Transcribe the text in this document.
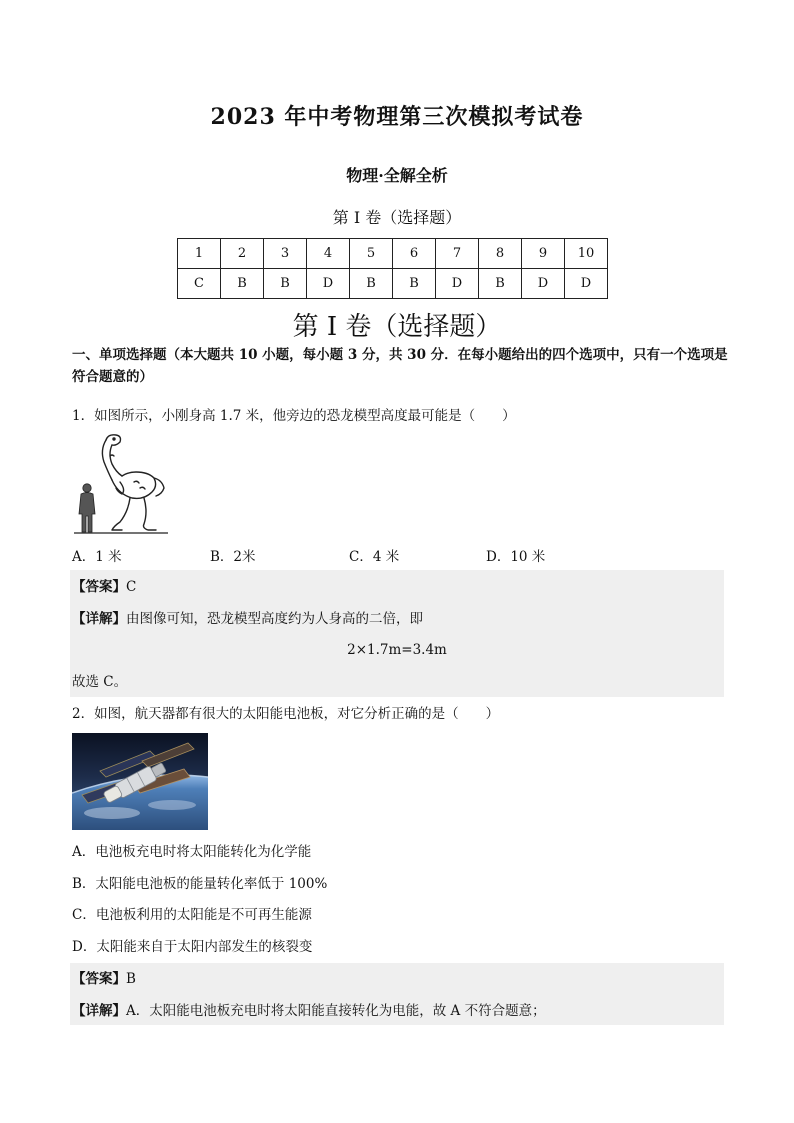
2023 年中考物理第三次模拟考试卷
物理·全解全析
第 I 卷（选择题）
1	2	3	4	5	6	7	8	9	10
C	B	B	D	B	B	D	B	D	D
第 I 卷（选择题）
一、单项选择题（本大题共 10 小题，每小题 3 分，共 30 分．在每小题给出的四个选项中，只有一个选项是符合题意的）
1．如图所示，小刚身高 1.7 米，他旁边的恐龙模型高度最可能是（　　）
A．1 米	B．2米	C．4 米	D．10 米
【答案】C
【详解】由图像可知，恐龙模型高度约为人身高的二倍，即
2×1.7m=3.4m
故选 C。
2．如图，航天器都有很大的太阳能电池板，对它分析正确的是（　　）
A．电池板充电时将太阳能转化为化学能
B．太阳能电池板的能量转化率低于 100%
C．电池板利用的太阳能是不可再生能源
D．太阳能来自于太阳内部发生的核裂变
【答案】B
【详解】A．太阳能电池板充电时将太阳能直接转化为电能，故 A 不符合题意；
